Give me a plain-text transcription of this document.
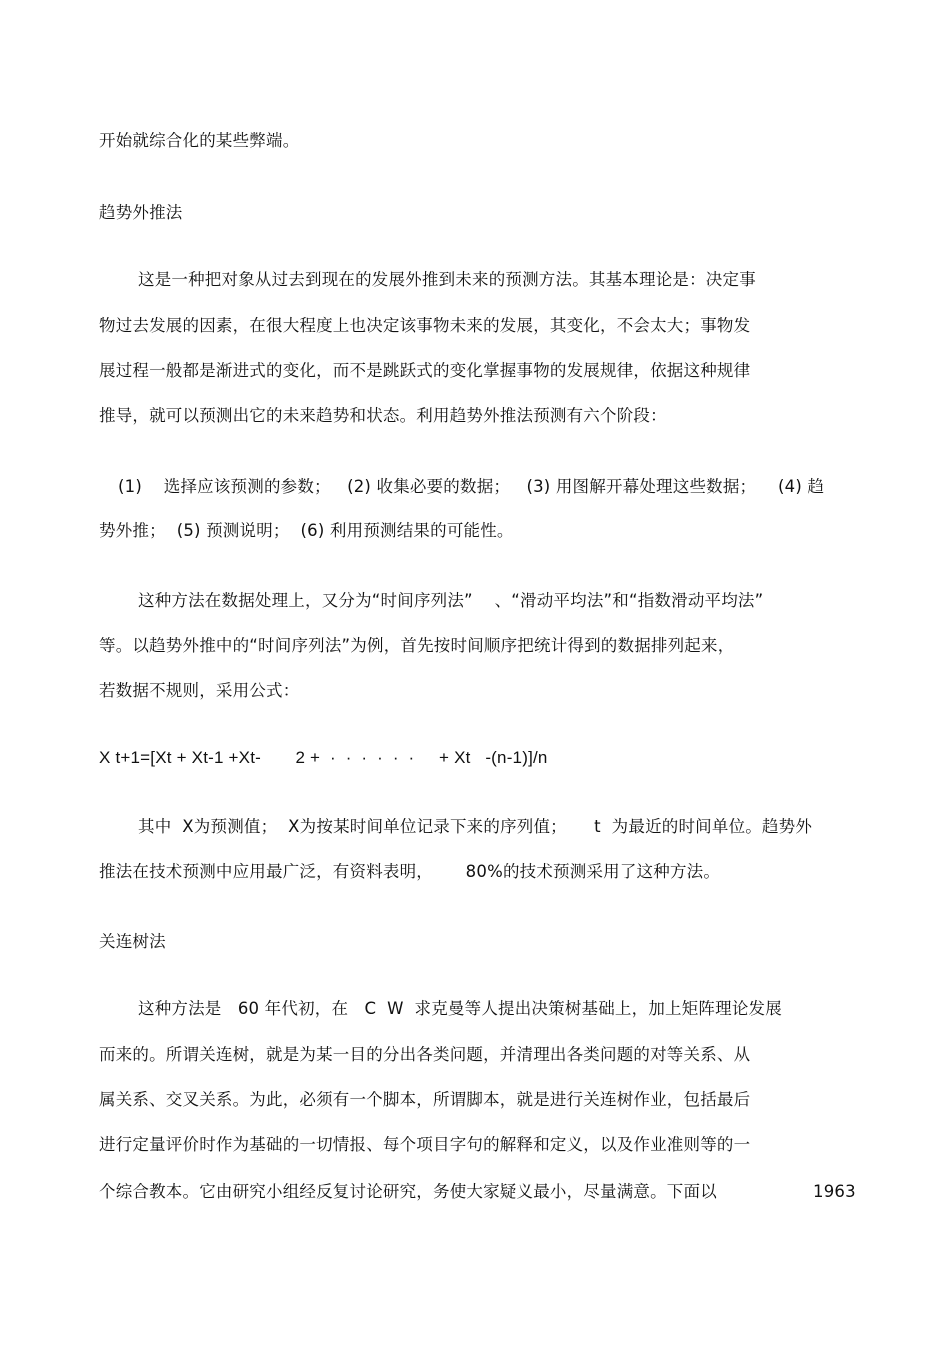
开始就综合化的某些弊端。
趋势外推法
这是一种把对象从过去到现在的发展外推到未来的预测方法。其基本理论是：决定事
物过去发展的因素，在很大程度上也决定该事物未来的发展，其变化，不会太大；事物发
展过程一般都是渐进式的变化，而不是跳跃式的变化掌握事物的发展规律，依据这种规律
推导，就可以预测出它的未来趋势和状态。利用趋势外推法预测有六个阶段：
(1)    选择应该预测的参数；   (2) 收集必要的数据；   (3) 用图解开幕处理这些数据；    (4) 趋
势外推；  (5) 预测说明；  (6) 利用预测结果的可能性。
这种方法在数据处理上，又分为“时间序列法”    、“滑动平均法”和“指数滑动平均法”
等。以趋势外推中的“时间序列法”为例，首先按时间顺序把统计得到的数据排列起来，
若数据不规则，采用公式：
X t+1=[Xt + Xt-1 +Xt-       2 +  ·  ·  ·  ·  ·  ·     + Xt   -(n-1)]/n
其中  X为预测值；  X为按某时间单位记录下来的序列值；     t  为最近的时间单位。趋势外
推法在技术预测中应用最广泛，有资料表明，      80%的技术预测采用了这种方法。
关连树法
这种方法是   60 年代初，在   C  W  求克曼等人提出决策树基础上，加上矩阵理论发展
而来的。所谓关连树，就是为某一目的分出各类问题，并清理出各类问题的对等关系、从
属关系、交叉关系。为此，必须有一个脚本，所谓脚本，就是进行关连树作业，包括最后
进行定量评价时作为基础的一切情报、每个项目字句的解释和定义，以及作业准则等的一
个综合教本。它由研究小组经反复讨论研究，务使大家疑义最小，尽量满意。下面以	1963
